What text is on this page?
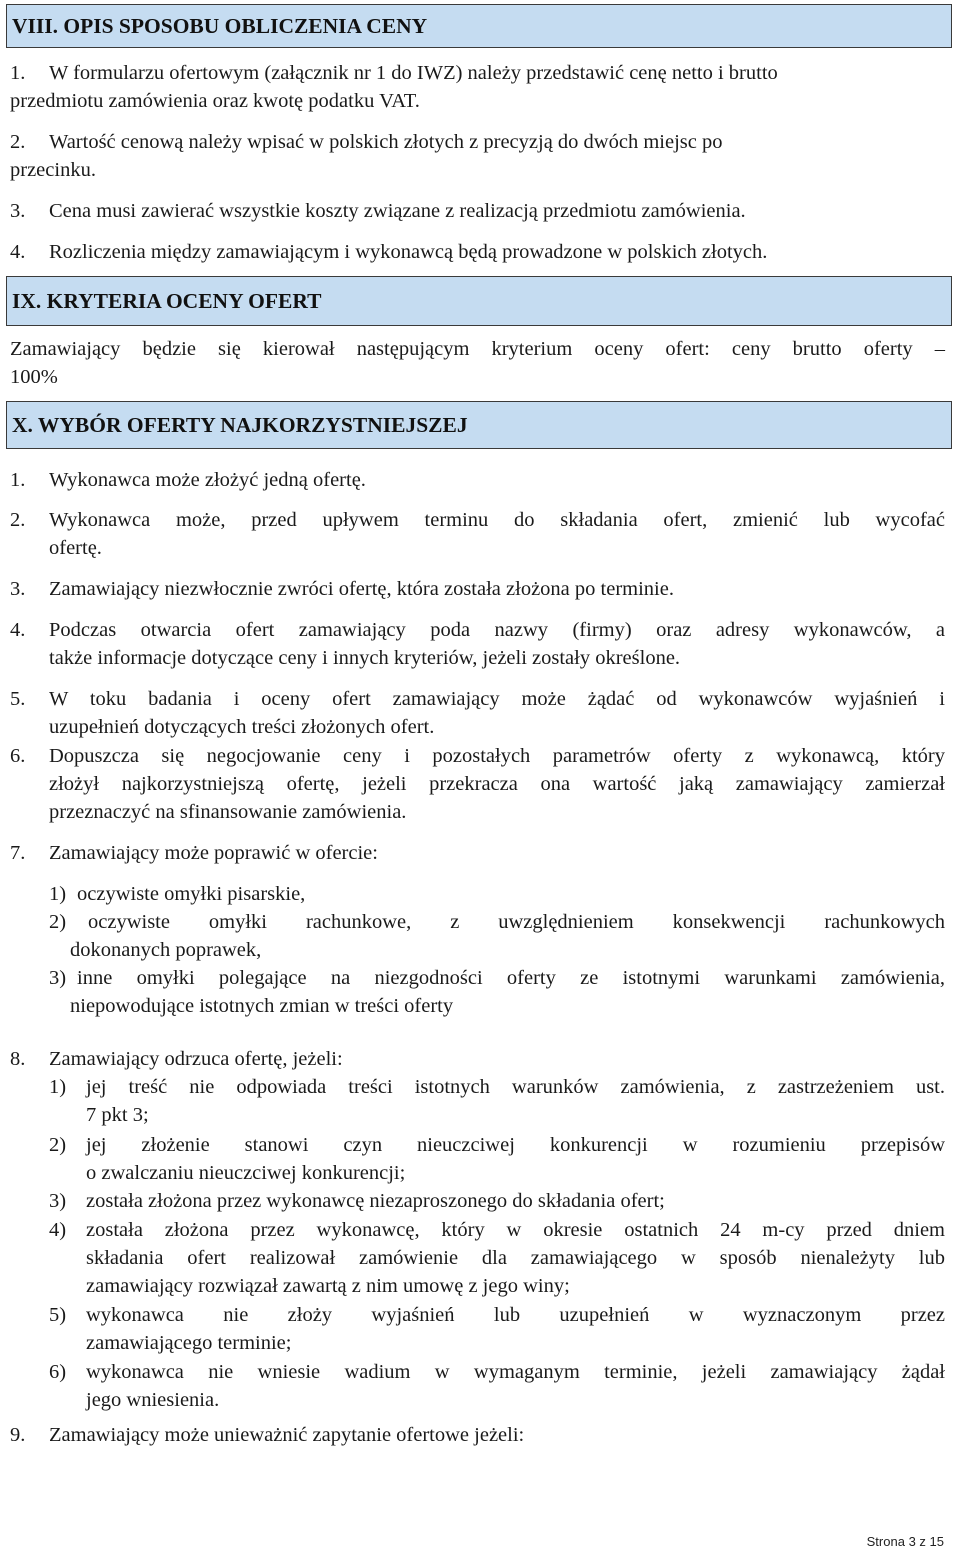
VIII. OPIS SPOSOBU OBLICZENIA CENY
1. W formularzu ofertowym (załącznik nr 1 do IWZ) należy przedstawić cenę netto i brutto
przedmiotu zamówienia oraz kwotę podatku VAT.
2. Wartość cenową należy wpisać w polskich złotych z precyzją do dwóch miejsc po
przecinku.
3. Cena musi zawierać wszystkie koszty związane z realizacją przedmiotu zamówienia.
4. Rozliczenia między zamawiającym i wykonawcą będą prowadzone w polskich złotych.
IX. KRYTERIA OCENY OFERT
Zamawiający będzie się kierował następującym kryterium oceny ofert: ceny brutto oferty –
100%
X. WYBÓR OFERTY NAJKORZYSTNIEJSZEJ
1. Wykonawca może złożyć jedną ofertę.
2. Wykonawca może, przed upływem terminu do składania ofert, zmienić lub wycofać
ofertę.
3. Zamawiający niezwłocznie zwróci ofertę, która została złożona po terminie.
4. Podczas otwarcia ofert zamawiający poda nazwy (firmy) oraz adresy wykonawców, a
także informacje dotyczące ceny i innych kryteriów, jeżeli zostały określone.
5. W toku badania i oceny ofert zamawiający może żądać od wykonawców wyjaśnień i
uzupełnień dotyczących treści złożonych ofert.
6. Dopuszcza się negocjowanie ceny i pozostałych parametrów oferty z wykonawcą, który
złożył najkorzystniejszą ofertę, jeżeli przekracza ona wartość jaką zamawiający zamierzał
przeznaczyć na sfinansowanie zamówienia.
7. Zamawiający może poprawić w ofercie:
1) oczywiste omyłki pisarskie,
2) oczywiste omyłki rachunkowe, z uwzględnieniem konsekwencji rachunkowych
dokonanych poprawek,
3) inne omyłki polegające na niezgodności oferty ze istotnymi warunkami zamówienia,
niepowodujące istotnych zmian w treści oferty
8. Zamawiający odrzuca ofertę, jeżeli:
1) jej treść nie odpowiada treści istotnych warunków zamówienia, z zastrzeżeniem ust.
7 pkt 3;
2) jej złożenie stanowi czyn nieuczciwej konkurencji w rozumieniu przepisów
o zwalczaniu nieuczciwej konkurencji;
3) została złożona przez wykonawcę niezaproszonego do składania ofert;
4) została złożona przez wykonawcę, który w okresie ostatnich 24 m-cy przed dniem
składania ofert realizował zamówienie dla zamawiającego w sposób nienależyty lub
zamawiający rozwiązał zawartą z nim umowę z jego winy;
5) wykonawca nie złoży wyjaśnień lub uzupełnień w wyznaczonym przez
zamawiającego terminie;
6) wykonawca nie wniesie wadium w wymaganym terminie, jeżeli zamawiający żądał
jego wniesienia.
9. Zamawiający może unieważnić zapytanie ofertowe jeżeli:
Strona 3 z 15
